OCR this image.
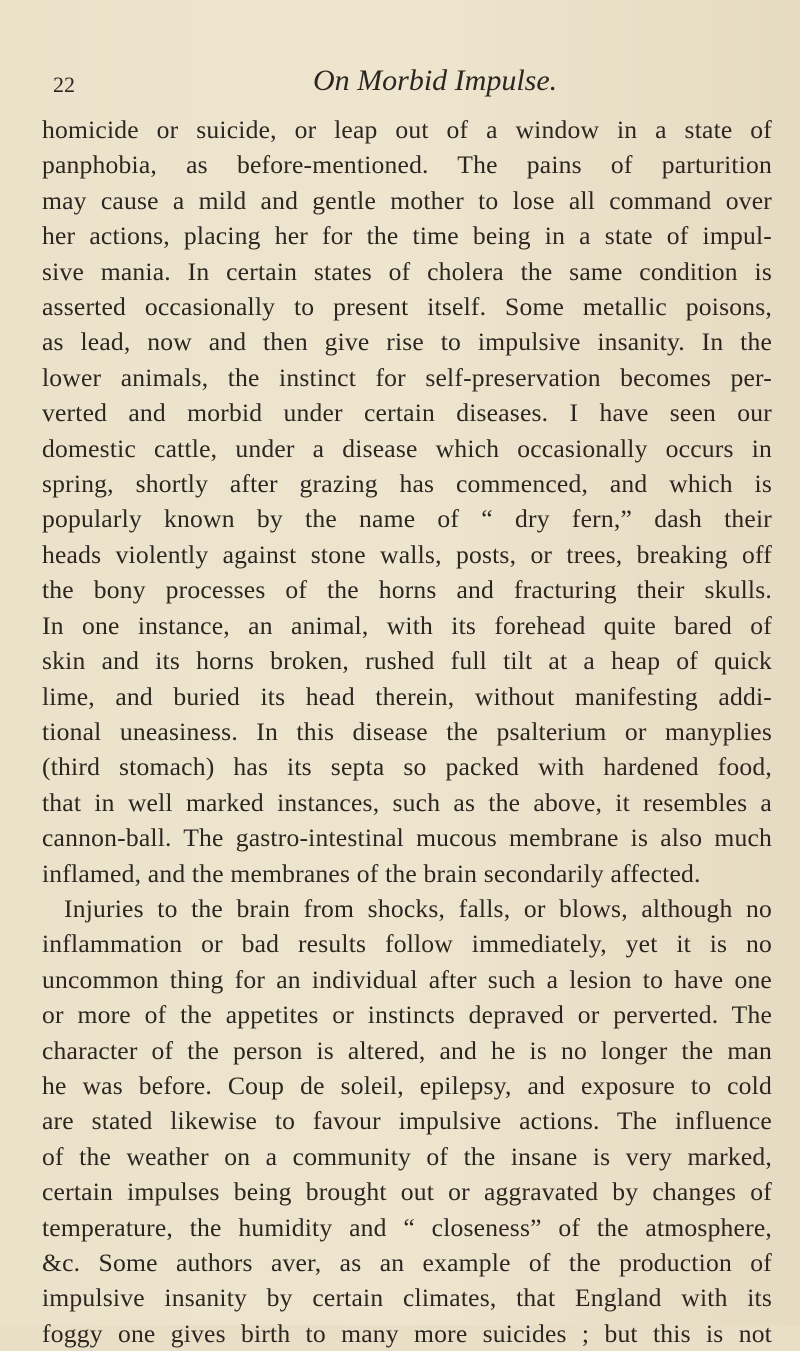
22	On Morbid Impulse.
homicide or suicide, or leap out of a window in a state of
panphobia, as before-mentioned. The pains of parturition
may cause a mild and gentle mother to lose all command over
her actions, placing her for the time being in a state of impul-
sive mania. In certain states of cholera the same condition is
asserted occasionally to present itself. Some metallic poisons,
as lead, now and then give rise to impulsive insanity. In the
lower animals, the instinct for self-preservation becomes per-
verted and morbid under certain diseases. I have seen our
domestic cattle, under a disease which occasionally occurs in
spring, shortly after grazing has commenced, and which is
popularly known by the name of “ dry fern,” dash their
heads violently against stone walls, posts, or trees, breaking off
the bony processes of the horns and fracturing their skulls.
In one instance, an animal, with its forehead quite bared of
skin and its horns broken, rushed full tilt at a heap of quick
lime, and buried its head therein, without manifesting addi-
tional uneasiness. In this disease the psalterium or manyplies
(third stomach) has its septa so packed with hardened food,
that in well marked instances, such as the above, it resembles a
cannon-ball. The gastro-intestinal mucous membrane is also much
inflamed, and the membranes of the brain secondarily affected.
Injuries to the brain from shocks, falls, or blows, although no
inflammation or bad results follow immediately, yet it is no
uncommon thing for an individual after such a lesion to have one
or more of the appetites or instincts depraved or perverted. The
character of the person is altered, and he is no longer the man
he was before. Coup de soleil, epilepsy, and exposure to cold
are stated likewise to favour impulsive actions. The influence
of the weather on a community of the insane is very marked,
certain impulses being brought out or aggravated by changes of
temperature, the humidity and “ closeness” of the atmosphere,
&c. Some authors aver, as an example of the production of
impulsive insanity by certain climates, that England with its
foggy one gives birth to many more suicides ; but this is not
